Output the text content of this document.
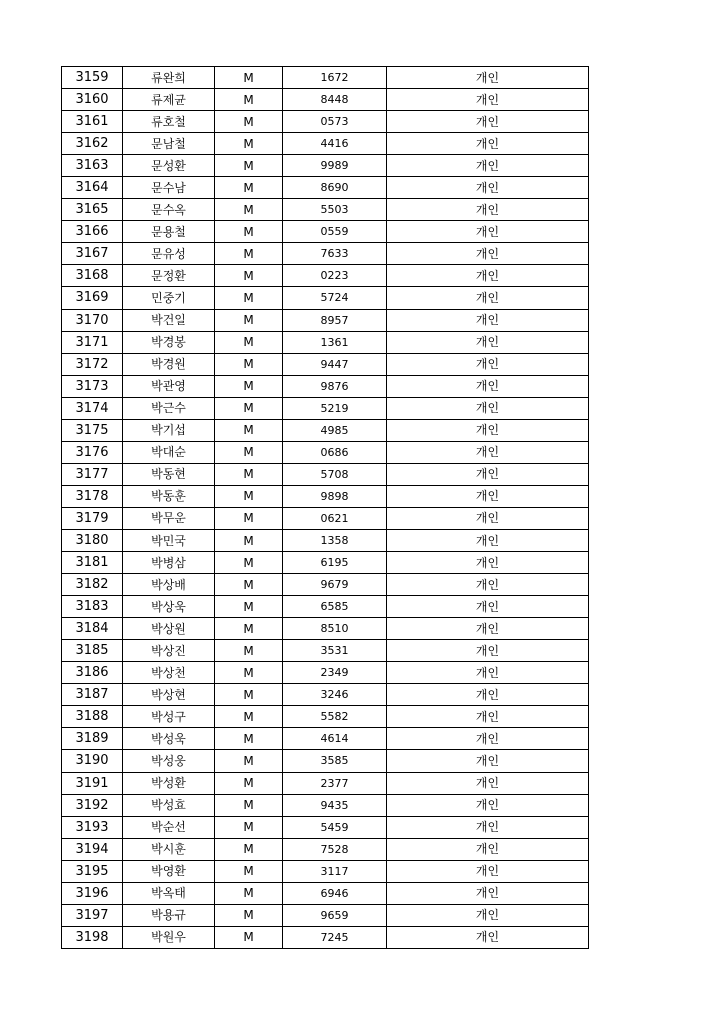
3159	류완희	M	1672	개인
3160	류제균	M	8448	개인
3161	류호철	M	0573	개인
3162	문남철	M	4416	개인
3163	문성환	M	9989	개인
3164	문수남	M	8690	개인
3165	문수옥	M	5503	개인
3166	문용철	M	0559	개인
3167	문유성	M	7633	개인
3168	문정환	M	0223	개인
3169	민중기	M	5724	개인
3170	박건일	M	8957	개인
3171	박경봉	M	1361	개인
3172	박경원	M	9447	개인
3173	박관영	M	9876	개인
3174	박근수	M	5219	개인
3175	박기섭	M	4985	개인
3176	박대순	M	0686	개인
3177	박동현	M	5708	개인
3178	박동훈	M	9898	개인
3179	박무운	M	0621	개인
3180	박민국	M	1358	개인
3181	박병삼	M	6195	개인
3182	박상배	M	9679	개인
3183	박상욱	M	6585	개인
3184	박상원	M	8510	개인
3185	박상진	M	3531	개인
3186	박상천	M	2349	개인
3187	박상현	M	3246	개인
3188	박성구	M	5582	개인
3189	박성욱	M	4614	개인
3190	박성웅	M	3585	개인
3191	박성환	M	2377	개인
3192	박성효	M	9435	개인
3193	박순선	M	5459	개인
3194	박시훈	M	7528	개인
3195	박영환	M	3117	개인
3196	박옥태	M	6946	개인
3197	박용규	M	9659	개인
3198	박원우	M	7245	개인
